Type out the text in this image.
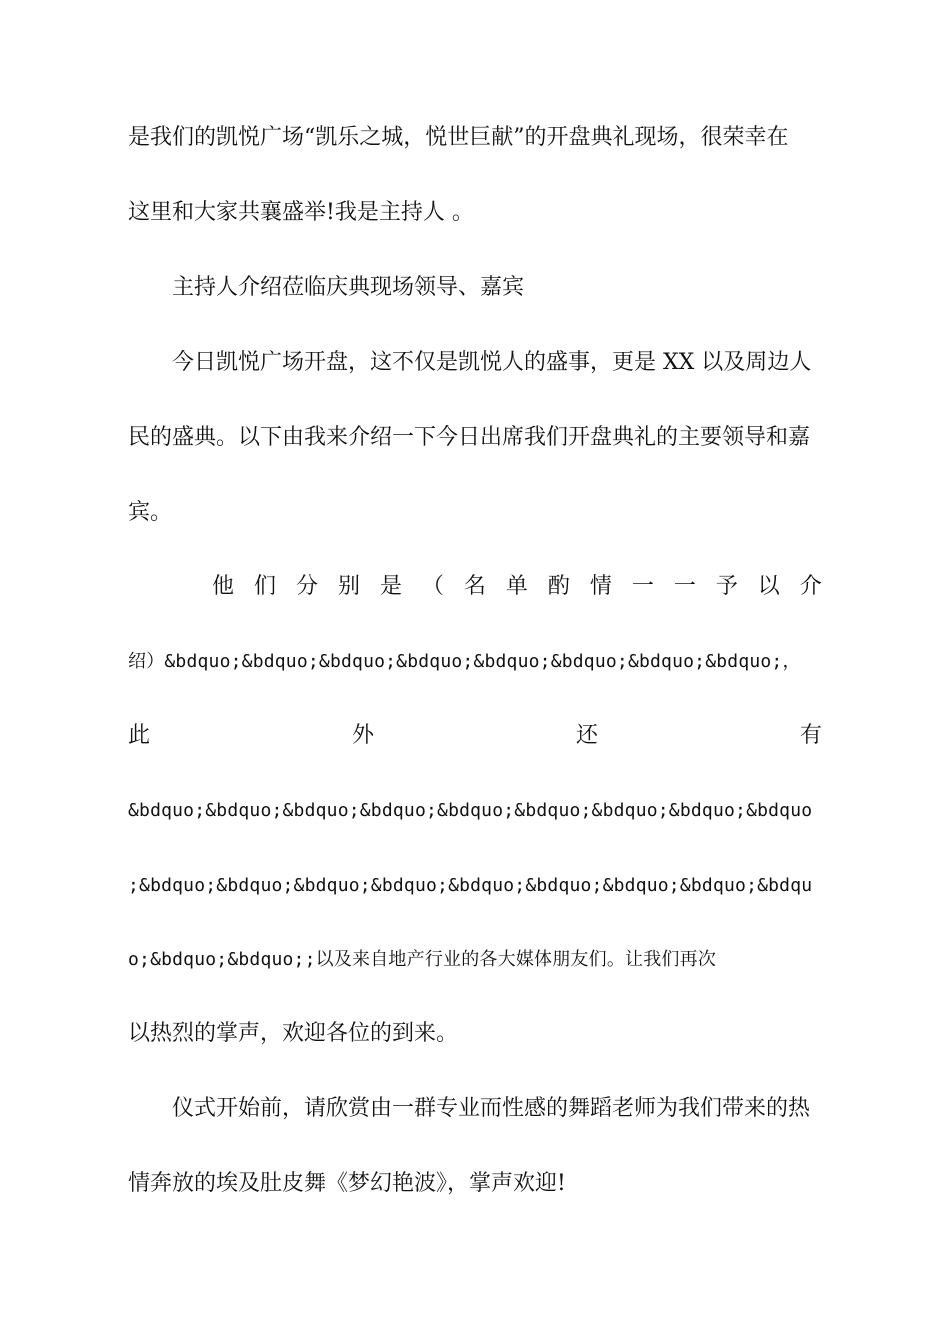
是我们的凯悦广场“凯乐之城，悦世巨献”的开盘典礼现场，很荣幸在
这里和大家共襄盛举!我是主持人 。
主持人介绍莅临庆典现场领导、嘉宾
今日凯悦广场开盘，这不仅是凯悦人的盛事，更是 XX 以及周边人
民的盛典。以下由我来介绍一下今日出席我们开盘典礼的主要领导和嘉
宾。
他 们 分 别 是 （ 名 单 酌 情 一 一 予 以 介
绍）&bdquo;&bdquo;&bdquo;&bdquo;&bdquo;&bdquo;&bdquo;&bdquo;，
此	外	还	有
&bdquo;&bdquo;&bdquo;&bdquo;&bdquo;&bdquo;&bdquo;&bdquo;&bdquo
;&bdquo;&bdquo;&bdquo;&bdquo;&bdquo;&bdquo;&bdquo;&bdquo;&bdqu
o;&bdquo;&bdquo;;以及来自地产行业的各大媒体朋友们。让我们再次
以热烈的掌声，欢迎各位的到来。
仪式开始前，请欣赏由一群专业而性感的舞蹈老师为我们带来的热
情奔放的埃及肚皮舞《梦幻艳波》，掌声欢迎!
